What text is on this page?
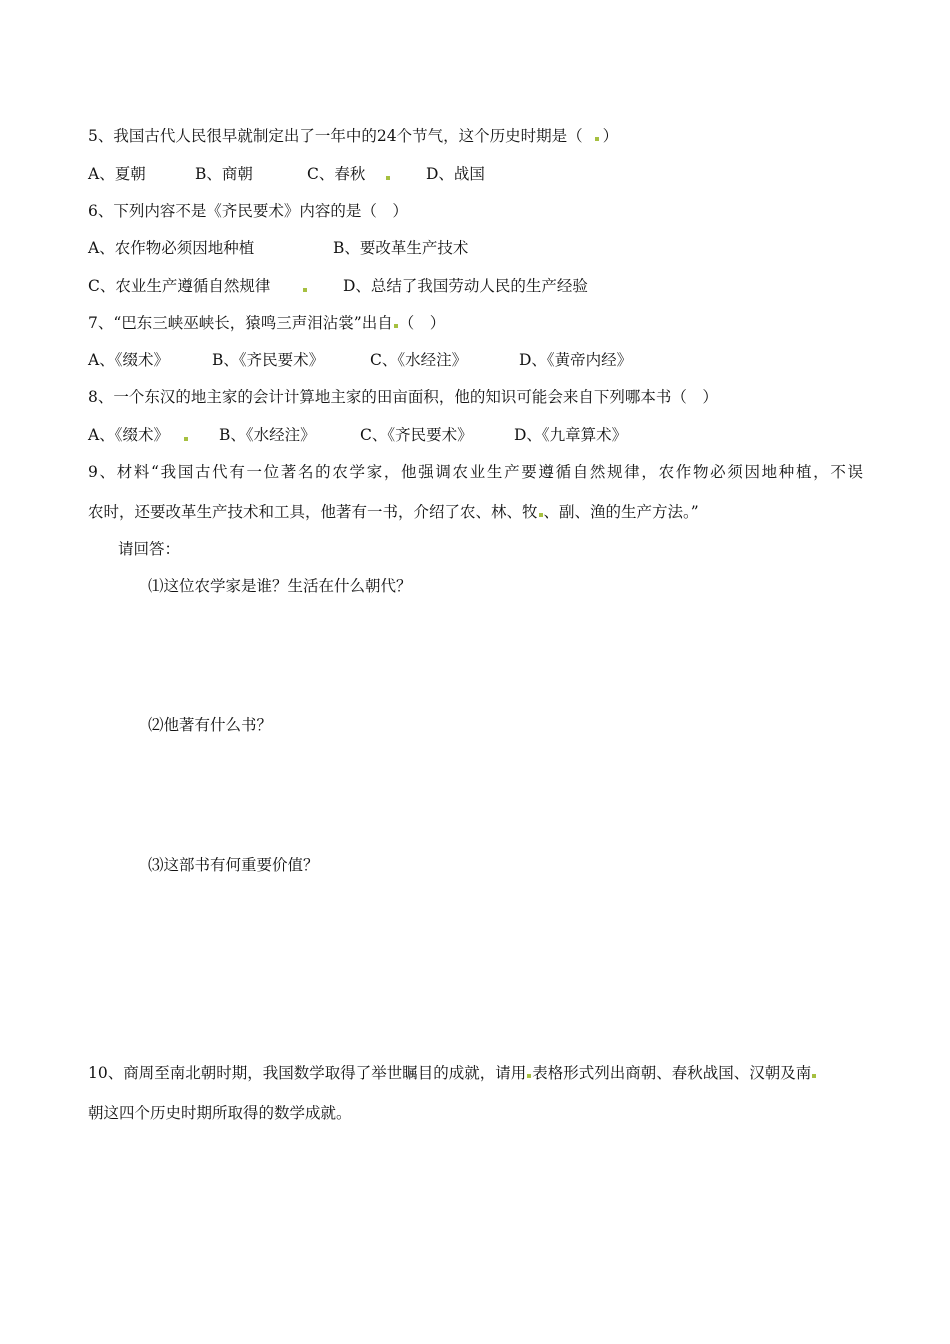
5、我国古代人民很早就制定出了一年中的24个节气，这个历史时期是（ ）
A、夏朝	B、商朝	C、春秋	D、战国
6、下列内容不是《齐民要术》内容的是（　）
A、农作物必须因地种植	B、要改革生产技术
C、农业生产遵循自然规律	D、总结了我国劳动人民的生产经验
7、“巴东三峡巫峡长，猿鸣三声泪沾裳”出自 （　）
A、《缀术》	B、《齐民要术》	C、《水经注》	D、《黄帝内经》
8、一个东汉的地主家的会计计算地主家的田亩面积，他的知识可能会来自下列哪本书（　）
A、《缀术》	B、《水经注》	C、《齐民要术》	D、《九章算术》
9、材料“我国古代有一位著名的农学家，他强调农业生产要遵循自然规律，农作物必须因地种植，不误
农时，还要改革生产技术和工具，他著有一书，介绍了农、林、牧 、副、渔的生产方法。”
请回答：
⑴这位农学家是谁？生活在什么朝代？
⑵他著有什么书？
⑶这部书有何重要价值？
10、商周至南北朝时期，我国数学取得了举世瞩目的成就，请用 表格形式列出商朝、春秋战国、汉朝及南
朝这四个历史时期所取得的数学成就。
